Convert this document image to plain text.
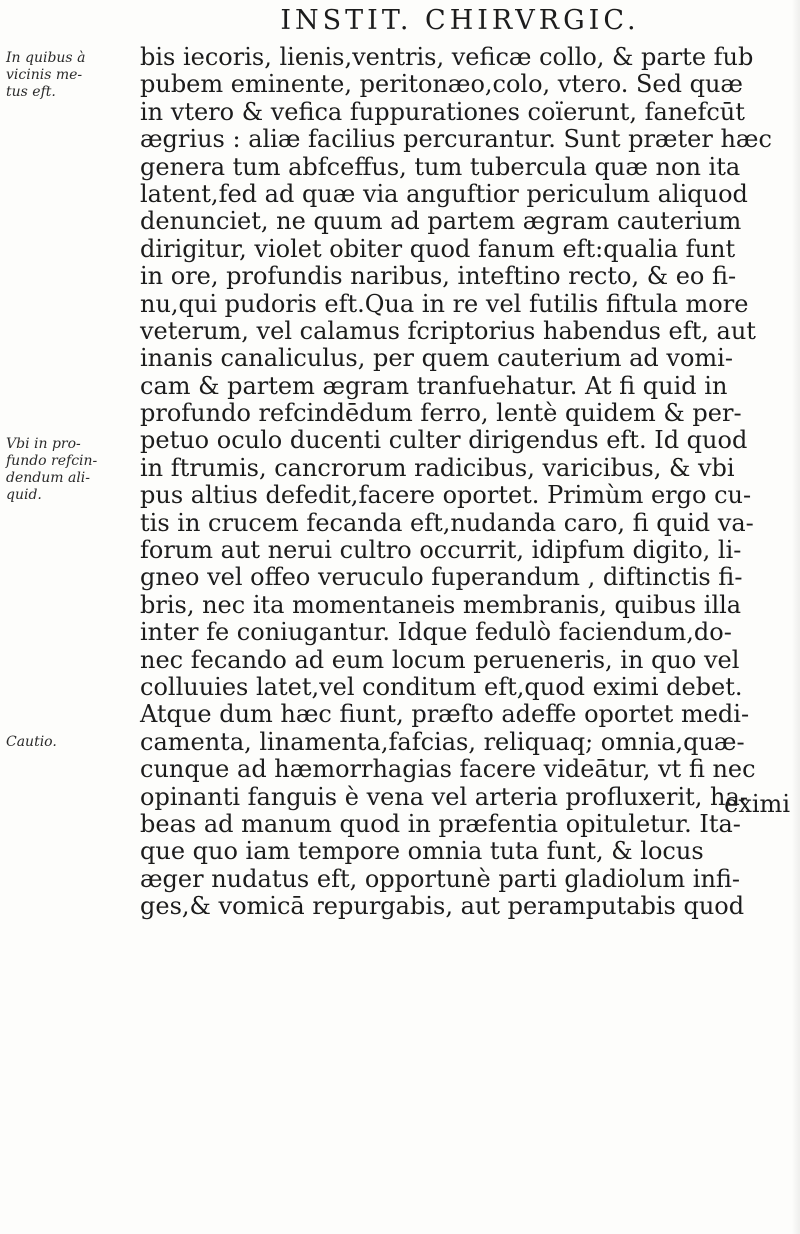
INSTIT. CHIRVRGIC.
In quibus à
vicinis me-
tus eft.
Vbi in pro-
fundo refcin-
dendum ali-
quid.
Cautio.
bis iecoris, lienis,ventris, veficæ collo, & parte fub
pubem eminente, peritonæo,colo, vtero. Sed quæ
in vtero & vefica fuppurationes coïerunt, fanefcūt
ægrius : aliæ facilius percurantur. Sunt præter hæc
genera tum abfceffus, tum tubercula quæ non ita
latent,fed ad quæ via anguftior periculum aliquod
denunciet, ne quum ad partem ægram cauterium
dirigitur, violet obiter quod fanum eft:qualia funt
in ore, profundis naribus, inteftino recto, & eo fi-
nu,qui pudoris eft.Qua in re vel futilis fiftula more
veterum, vel calamus fcriptorius habendus eft, aut
inanis canaliculus, per quem cauterium ad vomi-
cam & partem ægram tranfuehatur. At fi quid in
profundo refcindēdum ferro, lentè quidem & per-
petuo oculo ducenti culter dirigendus eft. Id quod
in ftrumis, cancrorum radicibus, varicibus, & vbi
pus altius defedit,facere oportet. Primùm ergo cu-
tis in crucem fecanda eft,nudanda caro, fi quid va-
forum aut nerui cultro occurrit, idipfum digito, li-
gneo vel offeo veruculo fuperandum , diftinctis fi-
bris, nec ita momentaneis membranis, quibus illa
inter fe coniugantur. Idque fedulò faciendum,do-
nec fecando ad eum locum perueneris, in quo vel
colluuies latet,vel conditum eft,quod eximi debet.
Atque dum hæc fiunt, præfto adeffe oportet medi-
camenta, linamenta,fafcias, reliquaq; omnia,quæ-
cunque ad hæmorrhagias facere videātur, vt fi nec
opinanti fanguis è vena vel arteria profluxerit, ha-
beas ad manum quod in præfentia opituletur. Ita-
que quo iam tempore omnia tuta funt, & locus
æger nudatus eft, opportunè parti gladiolum infi-
ges,& vomicā repurgabis, aut peramputabis quod
eximi
